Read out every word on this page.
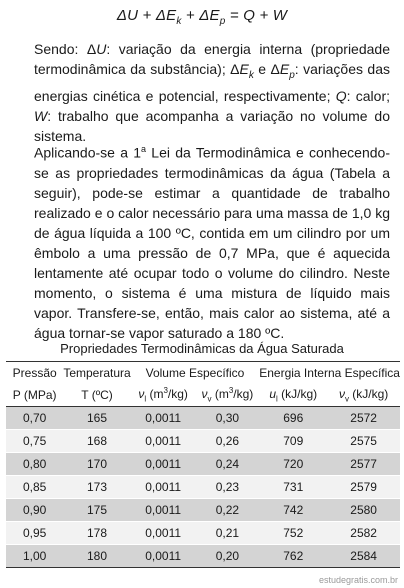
$\Delta U + \Delta E_k + \Delta E_p = Q + W$
Sendo: ΔU: variação da energia interna (propriedade termodinâmica da substância); $\Delta E_k$ e $\Delta E_p$: variações das energias cinética e potencial, respectivamente; Q: calor; W: trabalho que acompanha a variação no volume do sistema.
Aplicando-se a 1$^a$ Lei da Termodinâmica e conhecendo-se as propriedades termodinâmicas da água (Tabela a seguir), pode-se estimar a quantidade de trabalho realizado e o calor necessário para uma massa de 1,0 kg de água líquida a 100 ºC, contida em um cilindro por um êmbolo a uma pressão de 0,7 MPa, que é aquecida lentamente até ocupar todo o volume do cilindro. Neste momento, o sistema é uma mistura de líquido mais vapor. Transfere-se, então, mais calor ao sistema, até a água tornar-se vapor saturado a 180 ºC.
Propriedades Termodinâmicas da Água Saturada
Pressão	Temperatura	Volume Específico		Energia Interna Específica	
P (MPa)	T (ºC)	$\nu_l$ $(m^3/kg)$	$\nu_v$ $(m^3/kg)$	$u_l$ (kJ/kg)	$\nu_v$ (kJ/kg)
0,70	165	0,0011	0,30	696	2572
0,75	168	0,0011	0,26	709	2575
0,80	170	0,0011	0,24	720	2577
0,85	173	0,0011	0,23	731	2579
0,90	175	0,0011	0,22	742	2580
0,95	178	0,0011	0,21	752	2582
1,00	180	0,0011	0,20	762	2584
estudegratis.com.br
